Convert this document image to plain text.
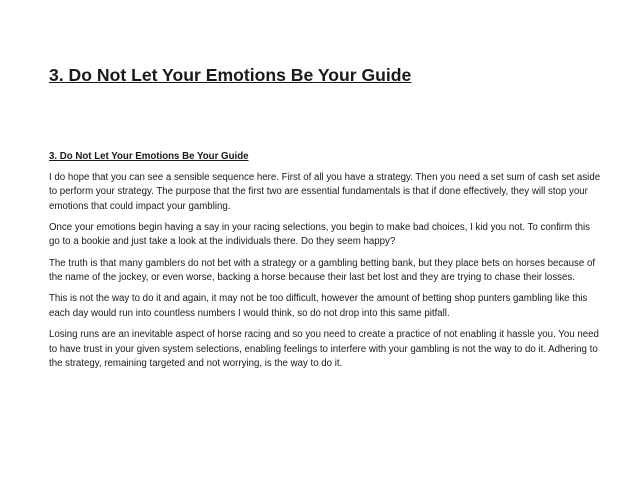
3. Do Not Let Your Emotions Be Your Guide
3. Do Not Let Your Emotions Be Your Guide

I do hope that you can see a sensible sequence here. First of all you have a strategy. Then you need a set sum of cash set aside to perform your strategy. The purpose that the first two are essential fundamentals is that if done effectively, they will stop your emotions that could impact your gambling.

Once your emotions begin having a say in your racing selections, you begin to make bad choices, I kid you not. To confirm this go to a bookie and just take a look at the individuals there. Do they seem happy?

The truth is that many gamblers do not bet with a strategy or a gambling betting bank, but they place bets on horses because of the name of the jockey, or even worse, backing a horse because their last bet lost and they are trying to chase their losses.

This is not the way to do it and again, it may not be too difficult, however the amount of betting shop punters gambling like this each day would run into countless numbers I would think, so do not drop into this same pitfall.

Losing runs are an inevitable aspect of horse racing and so you need to create a practice of not enabling it hassle you. You need to have trust in your given system selections, enabling feelings to interfere with your gambling is not the way to do it. Adhering to the strategy, remaining targeted and not worrying, is the way to do it.
